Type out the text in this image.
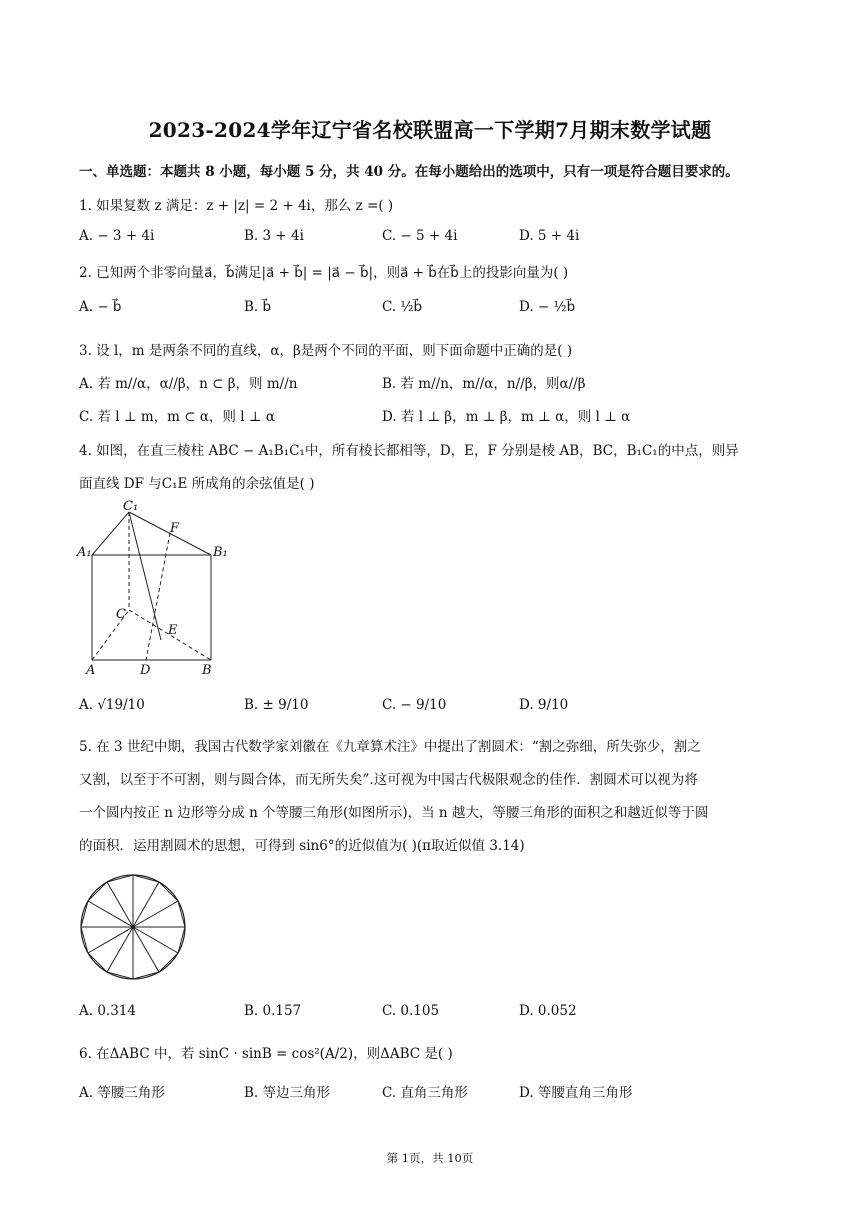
2023-2024学年辽宁省名校联盟高一下学期7月期末数学试题
一、单选题：本题共 8 小题，每小题 5 分，共 40 分。在每小题给出的选项中，只有一项是符合题目要求的。
1. 如果复数 z 满足：z + |z| = 2 + 4i，那么 z =( )
A. − 3 + 4i	B. 3 + 4i	C. − 5 + 4i	D. 5 + 4i
2. 已知两个非零向量a⃗，b⃗满足|a⃗ + b⃗| = |a⃗ − b⃗|，则a⃗ + b⃗在b⃗上的投影向量为( )
A. − b⃗	B. b⃗	C. ½b⃗	D. − ½b⃗
3. 设 l，m 是两条不同的直线，α，β是两个不同的平面，则下面命题中正确的是( )
A. 若 m//α，α//β，n ⊂ β，则 m//n	B. 若 m//n，m//α，n//β，则α//β
C. 若 l ⊥ m，m ⊂ α，则 l ⊥ α	D. 若 l ⊥ β，m ⊥ β，m ⊥ α，则 l ⊥ α
4. 如图，在直三棱柱 ABC − A₁B₁C₁中，所有棱长都相等，D，E，F 分别是棱 AB，BC，B₁C₁的中点，则异
面直线 DF 与C₁E 所成角的余弦值是( )
C₁
F
A₁	B₁
C
E
A	D	B
A. √19/10	B. ± 9/10	C. − 9/10	D. 9/10
5. 在 3 世纪中期，我国古代数学家刘徽在《九章算术注》中提出了割圆术：“割之弥细，所失弥少，割之
又割，以至于不可割，则与圆合体，而无所失矣”.这可视为中国古代极限观念的佳作．割圆术可以视为将
一个圆内按正 n 边形等分成 n 个等腰三角形(如图所示)，当 n 越大，等腰三角形的面积之和越近似等于圆
的面积．运用割圆术的思想，可得到 sin6°的近似值为( )(π取近似值 3.14)
A. 0.314	B. 0.157	C. 0.105	D. 0.052
6. 在ΔABC 中，若 sinC · sinB = cos²(A/2)，则ΔABC 是( )
A. 等腰三角形	B. 等边三角形	C. 直角三角形	D. 等腰直角三角形
第 1页，共 10页
